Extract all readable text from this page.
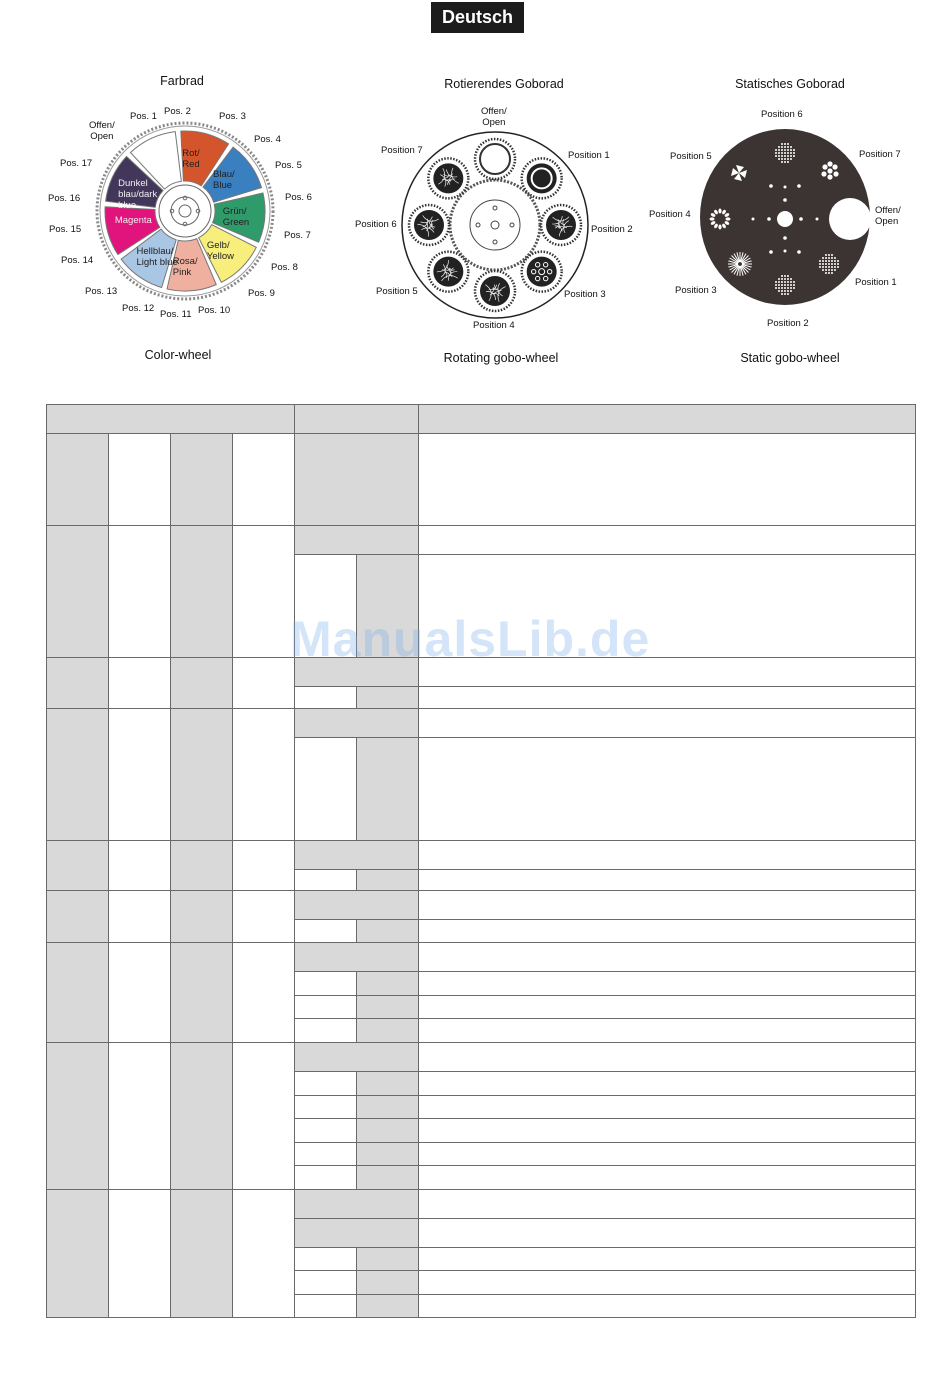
Deutsch
Farbrad
Rot/
Red
Blau/
Blue
Grün/
Green
Gelb/
Yellow
Rosa/
Pink
Hellblau/
Light blue
Magenta
Dunkel
blau/dark
blue
Offen/
Open
Pos. 1 Pos. 2	Pos. 3
Pos. 4
Pos. 5
Pos. 6
Pos. 7
Pos. 8
Pos. 9
Pos. 10
Pos. 11
Pos. 12
Pos. 13
Pos. 14
Pos. 15
Pos. 16
Pos. 17
Color-wheel
Rotierendes Goborad
Offen/
Open
Position 1
Position 2
Position 3
Position 4
Position 5
Position 6
Position 7
Rotating gobo-wheel
Statisches Goborad
Position 6
Position 7
Offen/
Open
Position 1
Position 2
Position 3
Position 4
Position 5
Static gobo-wheel

ManualsLib.de
